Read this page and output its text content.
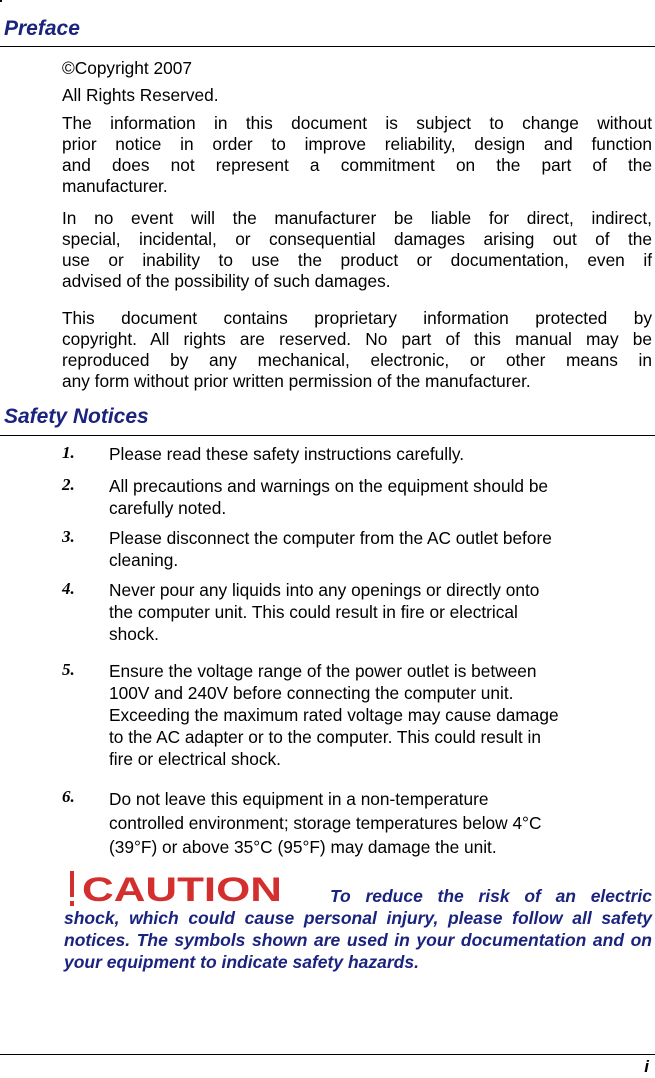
Preface

©Copyright 2007

All Rights Reserved.

The information in this document is subject to change without
prior notice in order to improve reliability, design and function
and does not represent a commitment on the part of the
manufacturer.
In no event will the manufacturer be liable for direct, indirect,
special, incidental, or consequential damages arising out of the
use or inability to use the product or documentation, even if
advised of the possibility of such damages.
This document contains proprietary information protected by
copyright. All rights are reserved. No part of this manual may be
reproduced by any mechanical, electronic, or other means in
any form without prior written permission of the manufacturer.
Safety Notices
1. Please read these safety instructions carefully.
2. All precautions and warnings on the equipment should be
carefully noted.
3. Please disconnect the computer from the AC outlet before
cleaning.
4. Never pour any liquids into any openings or directly onto
the computer unit. This could result in fire or electrical
shock.
5. Ensure the voltage range of the power outlet is between
100V and 240V before connecting the computer unit.
Exceeding the maximum rated voltage may cause damage
to the AC adapter or to the computer. This could result in
fire or electrical shock.
6. Do not leave this equipment in a non-temperature
controlled environment; storage temperatures below 4°C
(39°F) or above 35°C (95°F) may damage the unit.
CAUTION	To reduce the risk of an electric shock, which could cause personal injury, please follow all safety notices. The symbols shown are used in your documentation and on your equipment to indicate safety hazards.

i
